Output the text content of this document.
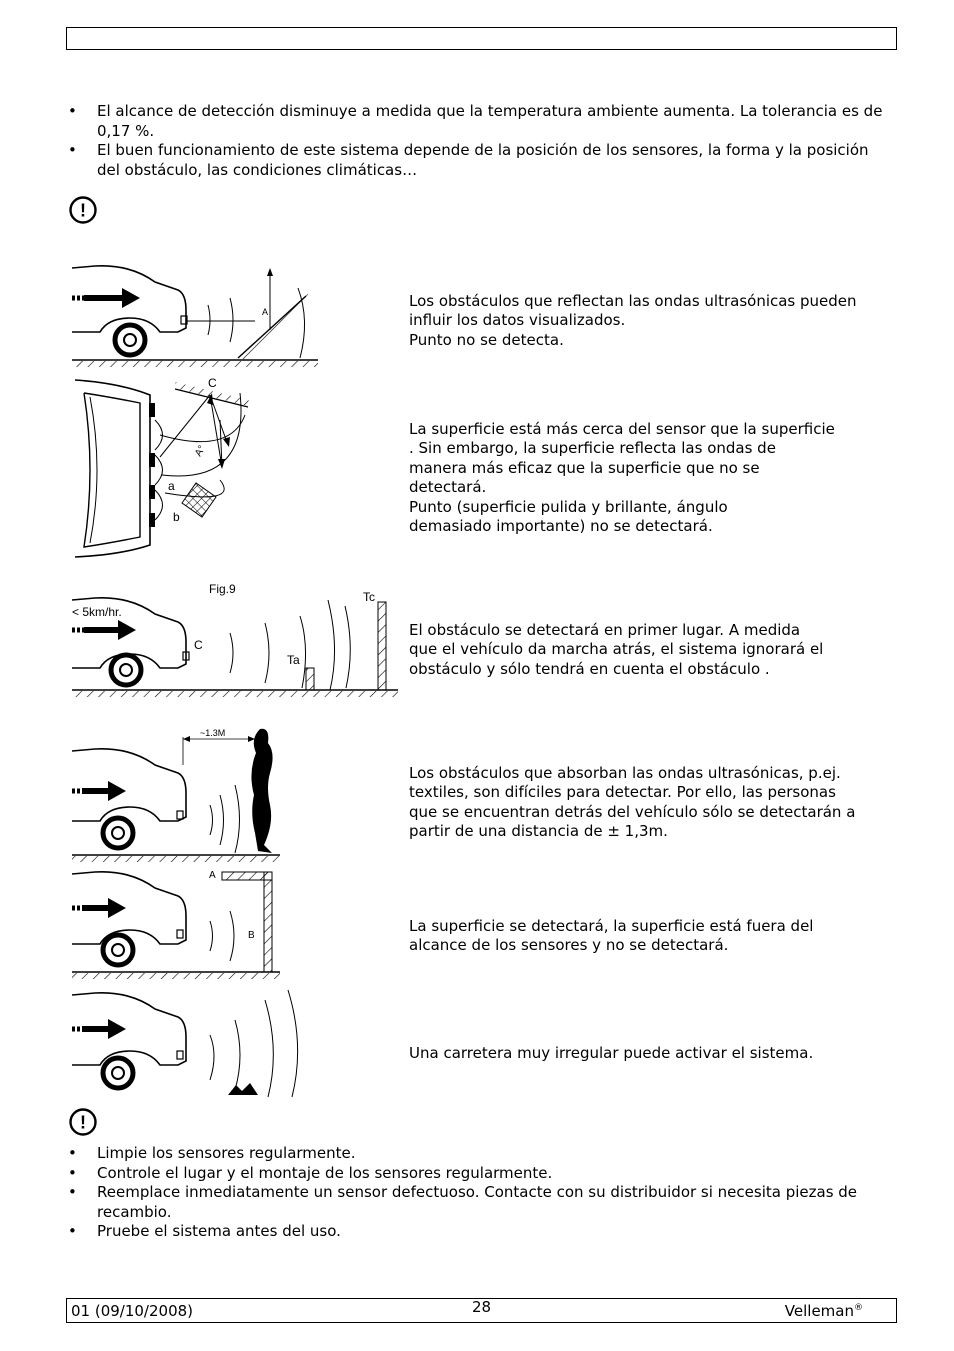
• El alcance de detección disminuye a medida que la temperatura ambiente aumenta. La tolerancia es de 0,17 %.
• El buen funcionamiento de este sistema depende de la posición de los sensores, la forma y la posición del obstáculo, las condiciones climáticas…
!
A

Los obstáculos que reflectan las ondas ultrasónicas pueden influir los datos visualizados.
Punto no se detecta.

C
A°
a
b

La superficie está más cerca del sensor que la superficie
. Sin embargo, la superficie reflecta las ondas de
manera más eficaz que la superficie que no se
detectará.
Punto (superficie pulida y brillante, ángulo
demasiado importante) no se detectará.

Fig.9
< 5km/hr.
C
Ta
Tc

El obstáculo se detectará en primer lugar. A medida
que el vehículo da marcha atrás, el sistema ignorará el
obstáculo y sólo tendrá en cuenta el obstáculo .

~1.3M

Los obstáculos que absorban las ondas ultrasónicas, p.ej.
textiles, son difíciles para detectar. Por ello, las personas
que se encuentran detrás del vehículo sólo se detectarán a
partir de una distancia de ± 1,3m.

A
B

La superficie se detectará, la superficie está fuera del
alcance de los sensores y no se detectará.

Una carretera muy irregular puede activar el sistema.

!
• Limpie los sensores regularmente.
• Controle el lugar y el montaje de los sensores regularmente.
• Reemplace inmediatamente un sensor defectuoso. Contacte con su distribuidor si necesita piezas de recambio.
• Pruebe el sistema antes del uso.
01 (09/10/2008)	28	Velleman®
